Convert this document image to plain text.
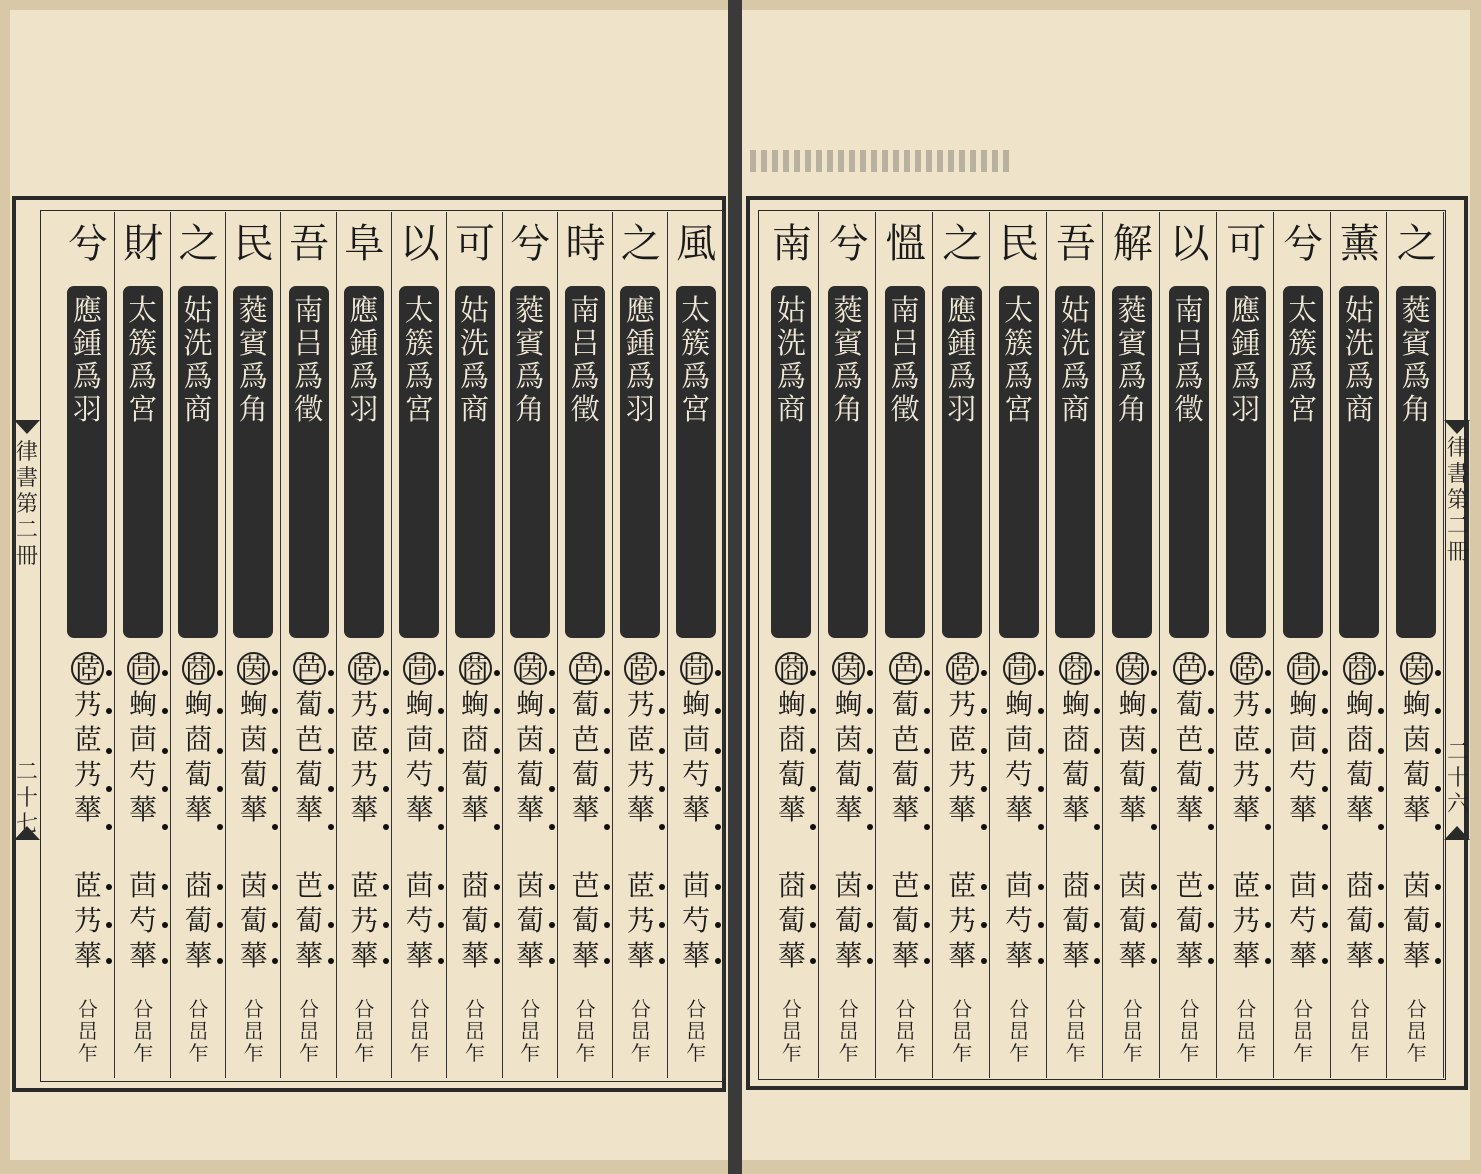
律書第二冊
二十七
律書第二冊
二十六
風
太
簇
爲
宮
茴
蜔
茴
芍
蕐
茴
芍
蕐
㕣
旵
乍
之
應
鍾
爲
羽
茝
艿
茝
艿
蕐
茝
艿
蕐
㕣
旵
乍
時
南
吕
爲
徵
芭
蔔
芭
蔔
蕐
芭
蔔
蕐
㕣
旵
乍
兮
蕤
賓
爲
角
茵
蜔
茵
蔔
蕐
茵
蔔
蕐
㕣
旵
乍
可
姑
洗
爲
商
莔
蜔
莔
蔔
蕐
莔
蔔
蕐
㕣
旵
乍
以
太
簇
爲
宮
茴
蜔
茴
芍
蕐
茴
芍
蕐
㕣
旵
乍
阜
應
鍾
爲
羽
茝
艿
茝
艿
蕐
茝
艿
蕐
㕣
旵
乍
吾
南
吕
爲
徵
芭
蔔
芭
蔔
蕐
芭
蔔
蕐
㕣
旵
乍
民
蕤
賓
爲
角
茵
蜔
茵
蔔
蕐
茵
蔔
蕐
㕣
旵
乍
之
姑
洗
爲
商
莔
蜔
莔
蔔
蕐
莔
蔔
蕐
㕣
旵
乍
財
太
簇
爲
宮
茴
蜔
茴
芍
蕐
茴
芍
蕐
㕣
旵
乍
兮
應
鍾
爲
羽
茝
艿
茝
艿
蕐
茝
艿
蕐
㕣
旵
乍
之
蕤
賓
爲
角
茵
蜔
茵
蔔
蕐
茵
蔔
蕐
㕣
旵
乍
薰
姑
洗
爲
商
莔
蜔
莔
蔔
蕐
莔
蔔
蕐
㕣
旵
乍
兮
太
簇
爲
宮
茴
蜔
茴
芍
蕐
茴
芍
蕐
㕣
旵
乍
可
應
鍾
爲
羽
茝
艿
茝
艿
蕐
茝
艿
蕐
㕣
旵
乍
以
南
吕
爲
徵
芭
蔔
芭
蔔
蕐
芭
蔔
蕐
㕣
旵
乍
解
蕤
賓
爲
角
茵
蜔
茵
蔔
蕐
茵
蔔
蕐
㕣
旵
乍
吾
姑
洗
爲
商
莔
蜔
莔
蔔
蕐
莔
蔔
蕐
㕣
旵
乍
民
太
簇
爲
宮
茴
蜔
茴
芍
蕐
茴
芍
蕐
㕣
旵
乍
之
應
鍾
爲
羽
茝
艿
茝
艿
蕐
茝
艿
蕐
㕣
旵
乍
慍
南
吕
爲
徵
芭
蔔
芭
蔔
蕐
芭
蔔
蕐
㕣
旵
乍
兮
蕤
賓
爲
角
茵
蜔
茵
蔔
蕐
茵
蔔
蕐
㕣
旵
乍
南
姑
洗
爲
商
莔
蜔
莔
蔔
蕐
莔
蔔
蕐
㕣
旵
乍
